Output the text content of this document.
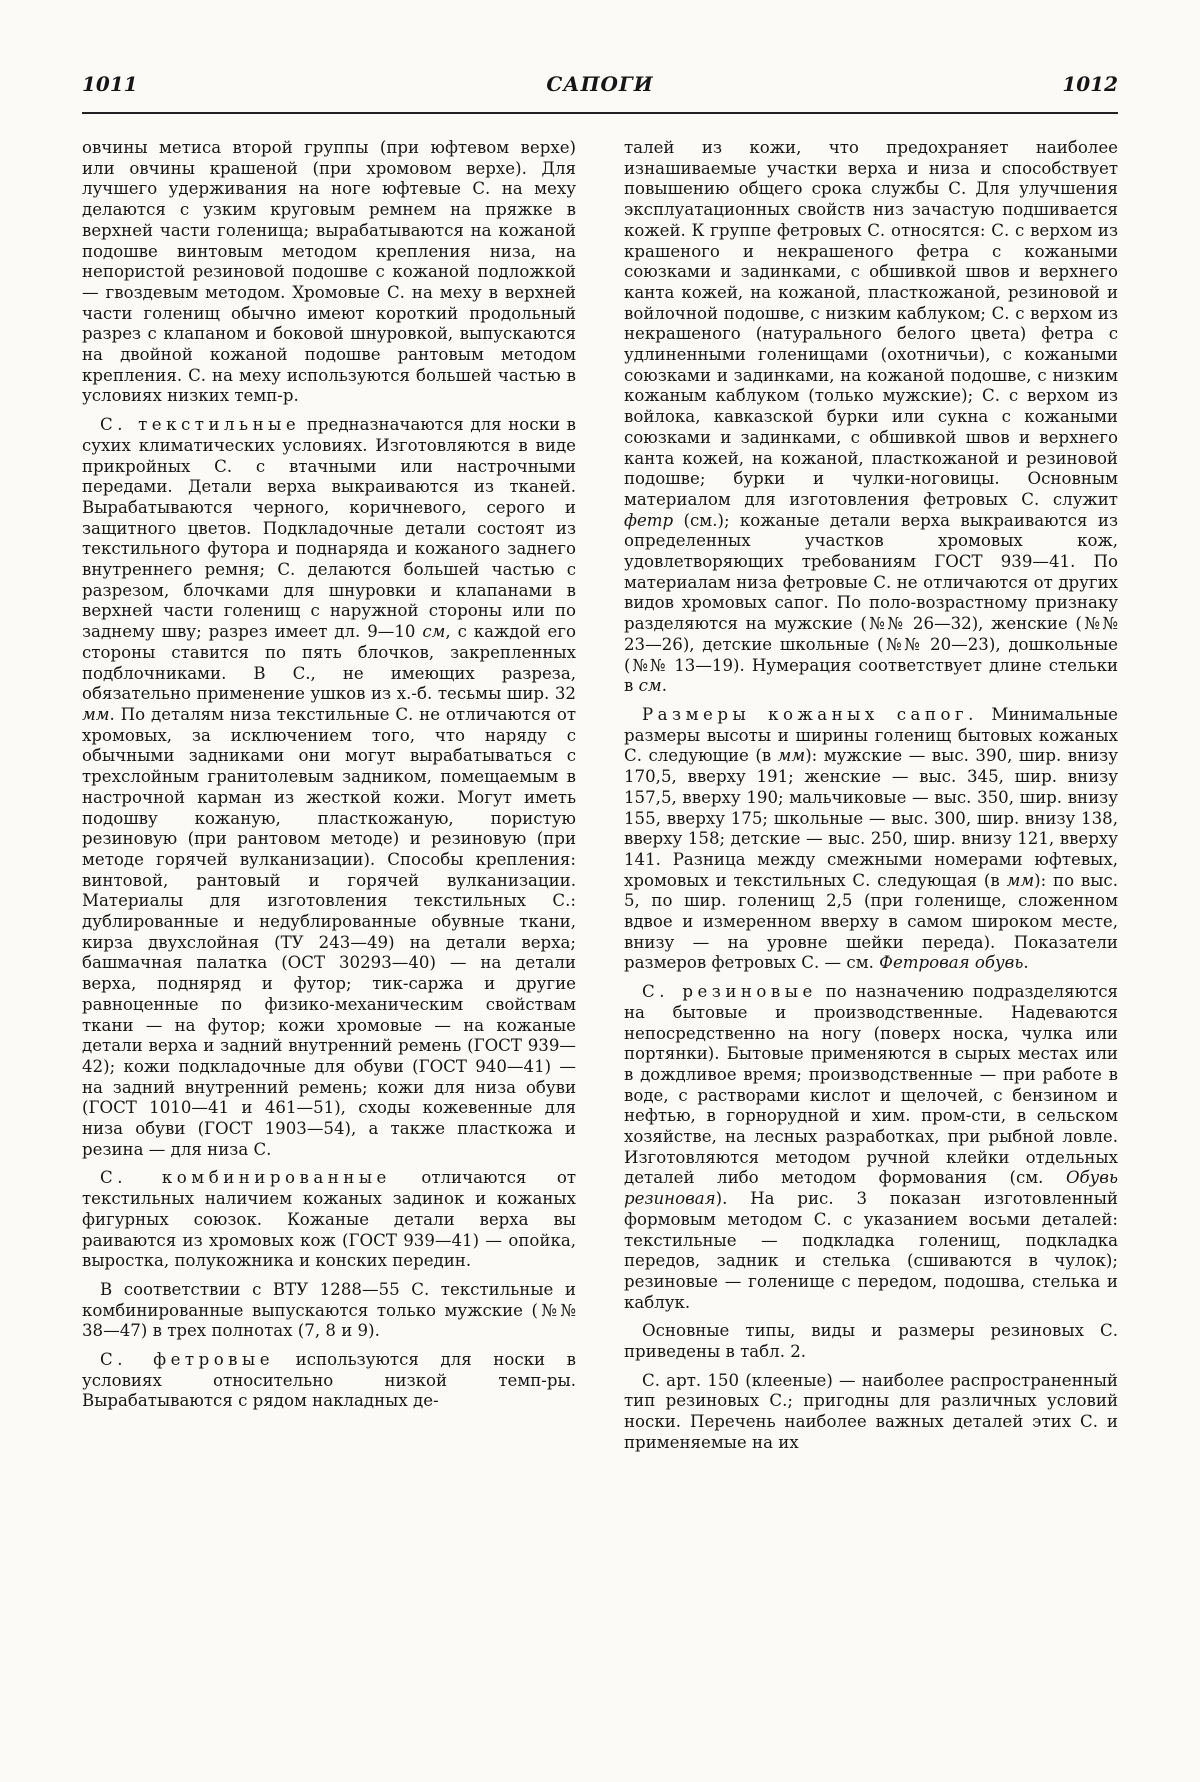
1011	САПОГИ	1012

овчины метиса второй группы (при юфтевом верхе) или овчины крашеной (при хромовом верхе). Для лучшего удерживания на ноге юфтевые С. на меху делаются с узким круговым ремнем на пряжке в верхней части голенища; вырабатываются на кожаной подошве винтовым методом крепления низа, на непористой резиновой подошве с кожаной подложкой — гвоздевым методом. Хромовые С. на меху в верхней части голенищ обычно имеют короткий продольный разрез с клапаном и боковой шнуровкой, выпускаются на двойной кожаной подошве рантовым методом крепления. С. на меху используются большей частью в условиях низких темп-р.

С. текстильные предназначаются для носки в сухих климатических условиях. Изготовляются в виде прикройных С. с втачными или настрочными передами. Детали верха выкраиваются из тканей. Вырабатываются черного, коричневого, серого и защитного цветов. Подкладочные детали состоят из текстильного футора и поднаряда и кожаного заднего внутреннего ремня; С. делаются большей частью с разрезом, блочками для шнуровки и клапанами в верхней части голенищ с наружной стороны или по заднему шву; разрез имеет дл. 9—10 см, с каждой его стороны ставится по пять блочков, закрепленных подблочниками. В С., не имеющих разреза, обязательно применение ушков из х.-б. тесьмы шир. 32 мм. По деталям низа текстильные С. не отличаются от хромовых, за исключением того, что наряду с обычными задниками они могут вырабатываться с трехслойным гранитолевым задником, помещаемым в настрочной карман из жесткой кожи. Могут иметь подошву кожаную, пласткожаную, пористую резиновую (при рантовом методе) и резиновую (при методе горячей вулканизации). Способы крепления: винтовой, рантовый и горячей вулканизации. Материалы для изготовления текстильных С.: дублированные и недублированные обувные ткани, кирза двухслойная (ТУ 243—49) на детали верха; башмачная палатка (ОСТ 30293—40) — на детали верха, подняряд и футор; тик-саржа и другие равноценные по физико-механическим свойствам ткани — на футор; кожи хромовые — на кожаные детали верха и задний внутренний ремень (ГОСТ 939—42); кожи подкладочные для обуви (ГОСТ 940—41) — на задний внутренний ремень; кожи для низа обуви (ГОСТ 1010—41 и 461—51), сходы кожевенные для низа обуви (ГОСТ 1903—54), а также пласткожа и резина — для низа С.

С. комбинированные отличаются от текстильных наличием кожаных задинок и кожаных фигурных союзок. Кожаные детали верха вы раиваются из хромовых кож (ГОСТ 939—41) — опойка, выростка, полукожника и конских передин.

В соответствии с ВТУ 1288—55 С. текстильные и комбинированные выпускаются только мужские (№№ 38—47) в трех полнотах (7, 8 и 9).

С. фетровые используются для носки в условиях относительно низкой темп-ры. Вырабатываются с рядом накладных де-

талей из кожи, что предохраняет наиболее изнашиваемые участки верха и низа и способствует повышению общего срока службы С. Для улучшения эксплуатационных свойств низ зачастую подшивается кожей. К группе фетровых С. относятся: С. с верхом из крашеного и некрашеного фетра с кожаными союзками и задинками, с обшивкой швов и верхнего канта кожей, на кожаной, пласткожаной, резиновой и войлочной подошве, с низким каблуком; С. с верхом из некрашеного (натурального белого цвета) фетра с удлиненными голенищами (охотничьи), с кожаными союзками и задинками, на кожаной подошве, с низким кожаным каблуком (только мужские); С. с верхом из войлока, кавказской бурки или сукна с кожаными союзками и задинками, с обшивкой швов и верхнего канта кожей, на кожаной, пласткожаной и резиновой подошве; бурки и чулки-ноговицы. Основным материалом для изготовления фетровых С. служит фетр (см.); кожаные детали верха выкраиваются из определенных участков хромовых кож, удовлетворяющих требованиям ГОСТ 939—41. По материалам низа фетровые С. не отличаются от других видов хромовых сапог. По поло-возрастному признаку разделяются на мужские (№№ 26—32), женские (№№ 23—26), детские школьные (№№ 20—23), дошкольные (№№ 13—19). Нумерация соответствует длине стельки в см.

Размеры кожаных сапог. Минимальные размеры высоты и ширины голенищ бытовых кожаных С. следующие (в мм): мужские — выс. 390, шир. внизу 170,5, вверху 191; женские — выс. 345, шир. внизу 157,5, вверху 190; мальчиковые — выс. 350, шир. внизу 155, вверху 175; школьные — выс. 300, шир. внизу 138, вверху 158; детские — выс. 250, шир. внизу 121, вверху 141. Разница между смежными номерами юфтевых, хромовых и текстильных С. следующая (в мм): по выс. 5, по шир. голенищ 2,5 (при голенище, сложенном вдвое и измеренном вверху в самом широком месте, внизу — на уровне шейки переда). Показатели размеров фетровых С. — см. Фетровая обувь.

С. резиновые по назначению подразделяются на бытовые и производственные. Надеваются непосредственно на ногу (поверх носка, чулка или портянки). Бытовые применяются в сырых местах или в дождливое время; производственные — при работе в воде, с растворами кислот и щелочей, с бензином и нефтью, в горнорудной и хим. пром-сти, в сельском хозяйстве, на лесных разработках, при рыбной ловле. Изготовляются методом ручной клейки отдельных деталей либо методом формования (см. Обувь резиновая). На рис. 3 показан изготовленный формовым методом С. с указанием восьми деталей: текстильные — подкладка голенищ, подкладка передов, задник и стелька (сшиваются в чулок); резиновые — голенище с передом, подошва, стелька и каблук.

Основные типы, виды и размеры резиновых С. приведены в табл. 2.

С. арт. 150 (клееные) — наиболее распространенный тип резиновых С.; пригодны для различных условий носки. Перечень наиболее важных деталей этих С. и применяемые на их
